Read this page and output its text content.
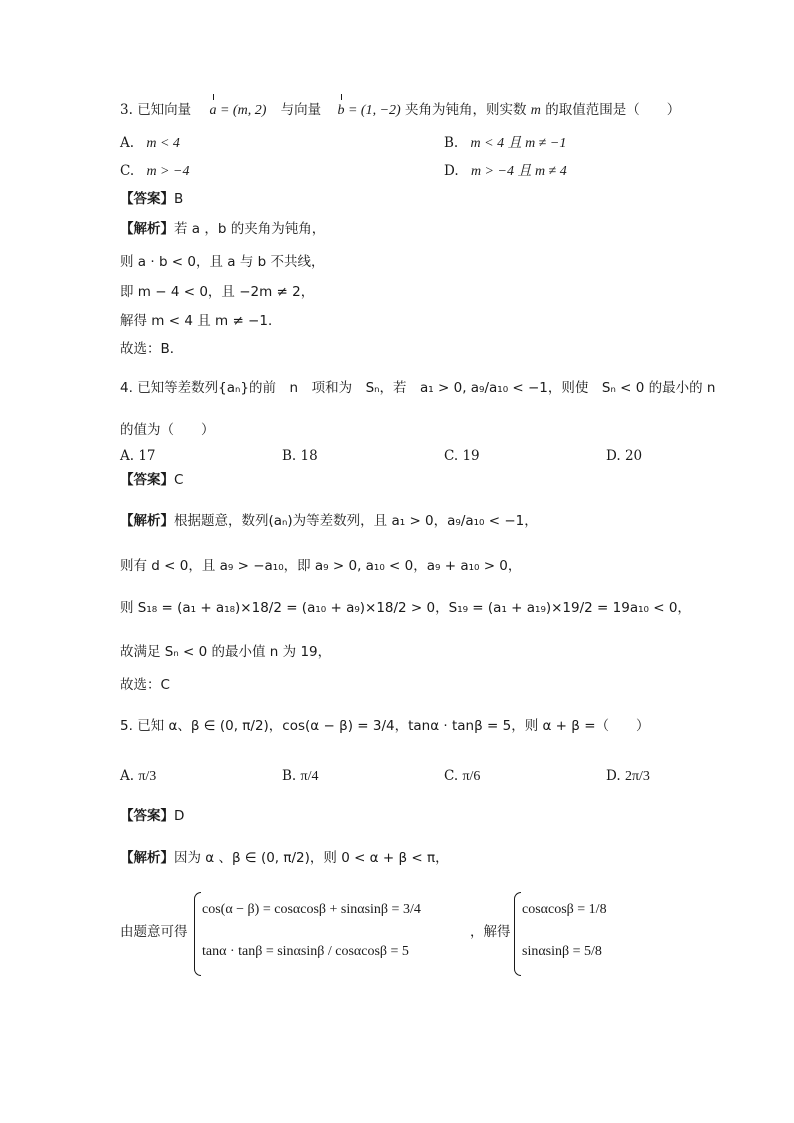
3. 已知向量 a = (m, 2) 与向量 b = (1, −2) 夹角为钝角，则实数 m 的取值范围是（　　）
A. m < 4	B. m < 4 且 m ≠ −1
C. m > −4	D. m > −4 且 m ≠ 4
【答案】B
【解析】若 a ，b 的夹角为钝角，
则 a · b < 0，且 a 与 b 不共线，
即 m − 4 < 0，且 −2m ≠ 2，
解得 m < 4 且 m ≠ −1．
故选：B．
4. 已知等差数列{aₙ}的前　n　项和为　Sₙ，若　a₁ > 0, a₉/a₁₀ < −1，则使　Sₙ < 0 的最小的 n
的值为（　　）
A. 17	B. 18	C. 19	D. 20
【答案】C
【解析】根据题意，数列(aₙ)为等差数列，且 a₁ > 0，a₉/a₁₀ < −1，
则有 d < 0，且 a₉ > −a₁₀，即 a₉ > 0, a₁₀ < 0，a₉ + a₁₀ > 0，
则 S₁₈ = (a₁ + a₁₈)×18/2 = (a₁₀ + a₉)×18/2 > 0，S₁₉ = (a₁ + a₁₉)×19/2 = 19a₁₀ < 0，
故满足 Sₙ < 0 的最小值 n 为 19，
故选：C
5. 已知 α、β ∈ (0, π/2)，cos(α − β) = 3/4，tanα · tanβ = 5，则 α + β =（　　）
A. π/3	B. π/4	C. π/6	D. 2π/3
【答案】D
【解析】因为 α 、β ∈ (0, π/2)，则 0 < α + β < π，
由题意可得
cos(α − β) = cosαcosβ + sinαsinβ = 3/4
tanα · tanβ = sinαsinβ / cosαcosβ = 5
，解得
cosαcosβ = 1/8
sinαsinβ = 5/8
